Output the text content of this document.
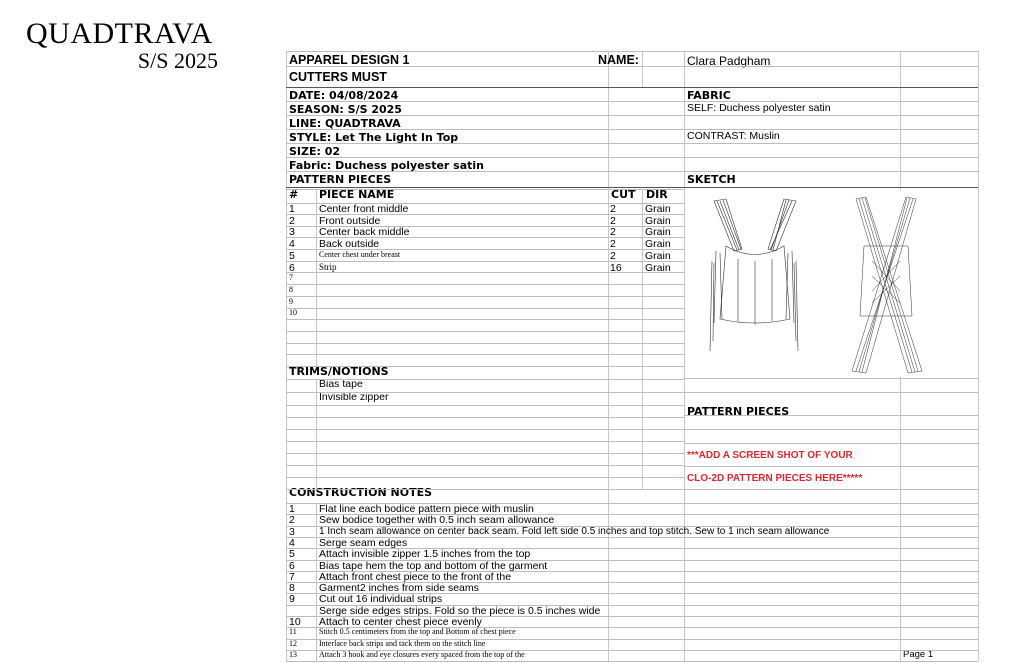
QUADTRAVA
S/S 2025	APPAREL DESIGN 1	NAME:	Clara Padgham
CUTTERS MUST
DATE: 04/08/2024
SEASON: S/S 2025
LINE: QUADTRAVA
STYLE: Let The Light In Top
SIZE: 02
Fabric: Duchess polyester satin
FABRIC
SELF: Duchess polyester satin
CONTRAST: Muslin
PATTERN PIECES	SKETCH
# PIECE NAME	CUT DIR
1 Center front middle	2	Grain
2 Front outside	2	Grain
3 Center back middle	2	Grain
4 Back outside	2	Grain
5	Center chest under breast	2	Grain
6	Strip	16 Grain
7
8
9
10
TRIMS/NOTIONS
Bias tape
Invisible zipper
PATTERN PIECES
***ADD A SCREEN SHOT OF YOUR
CLO-2D PATTERN PIECES HERE*****
CONSTRUCTION NOTES
1 Flat line each bodice pattern piece with muslin
2 Sew bodice together with 0.5 inch seam allowance
3 1 Inch seam allowance on center back seam. Fold left side 0.5 inches and top stitch. Sew to 1 inch seam allowance
4 Serge seam edges
5 Attach invisible zipper 1.5 inches from the top
6 Bias tape hem the top and bottom of the garment
7 Attach front chest piece to the front of the
8 Garment2 inches from side seams
9 Cut out 16 individual strips
Serge side edges strips. Fold so the piece is 0.5 inches wide
10 Attach to center chest piece evenly
11	Stitch 0.5 centimeters from the top and Bottom of chest piece
12	Interlace back strips and tack them on the stitch line
13	Attach 3 hook and eye closures every spaced from the top of the	Page 1
